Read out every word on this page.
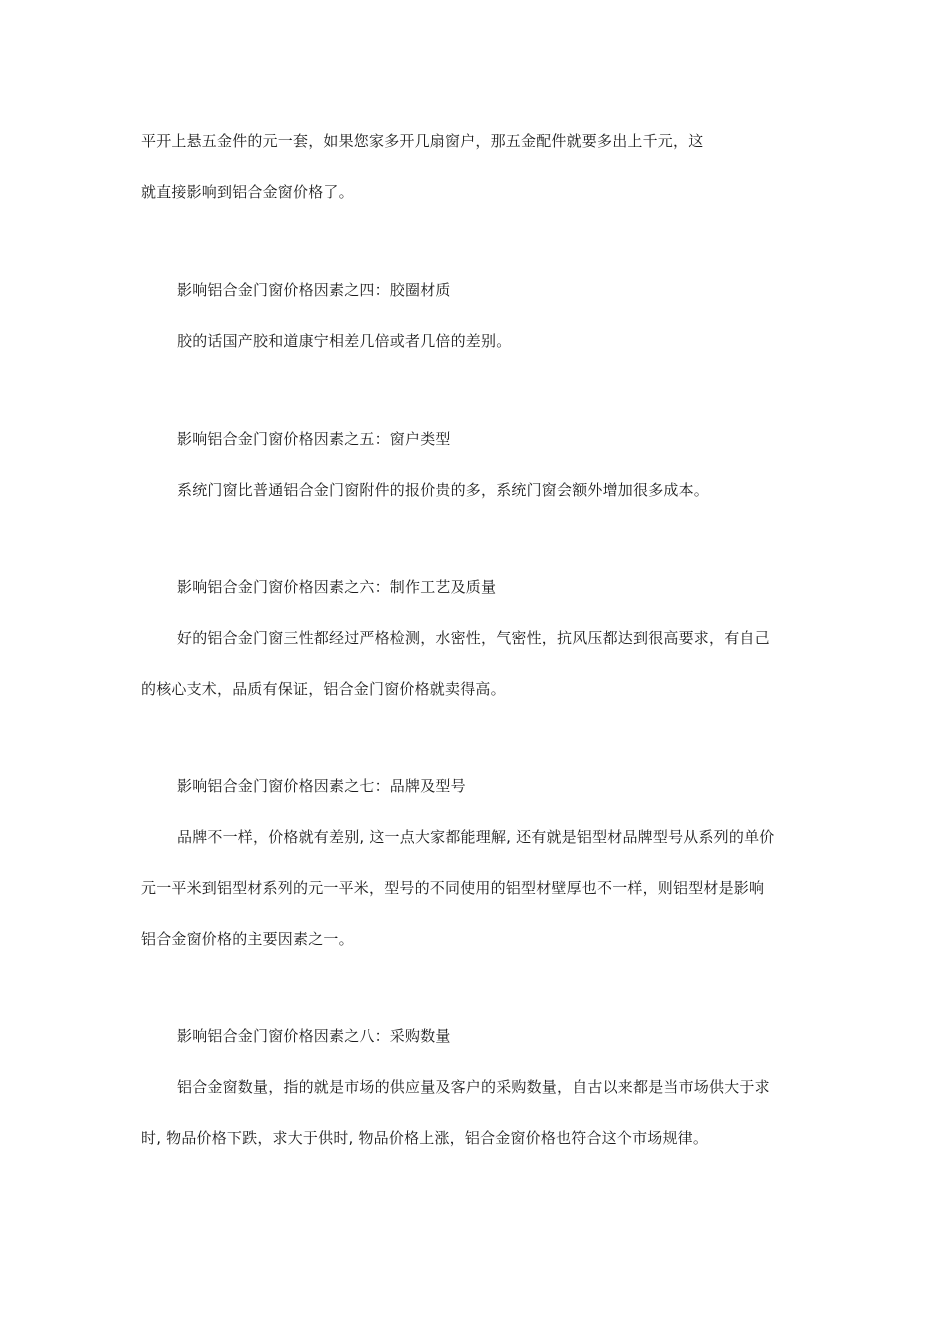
平开上悬五金件的元一套，如果您家多开几扇窗户，那五金配件就要多出上千元，这
就直接影响到铝合金窗价格了。
影响铝合金门窗价格因素之四：胶圈材质
胶的话国产胶和道康宁相差几倍或者几倍的差别。
影响铝合金门窗价格因素之五：窗户类型
系统门窗比普通铝合金门窗附件的报价贵的多，系统门窗会额外增加很多成本。
影响铝合金门窗价格因素之六：制作工艺及质量
好的铝合金门窗三性都经过严格检测，水密性，气密性，抗风压都达到很高要求，有自己
的核心支术，品质有保证，铝合金门窗价格就卖得高。
影响铝合金门窗价格因素之七：品牌及型号
品牌不一样，价格就有差别, 这一点大家都能理解, 还有就是铝型材品牌型号从系列的单价
元一平米到铝型材系列的元一平米，型号的不同使用的铝型材壁厚也不一样，则铝型材是影响
铝合金窗价格的主要因素之一。
影响铝合金门窗价格因素之八：采购数量
铝合金窗数量，指的就是市场的供应量及客户的采购数量，自古以来都是当市场供大于求
时, 物品价格下跌，求大于供时, 物品价格上涨，铝合金窗价格也符合这个市场规律。
